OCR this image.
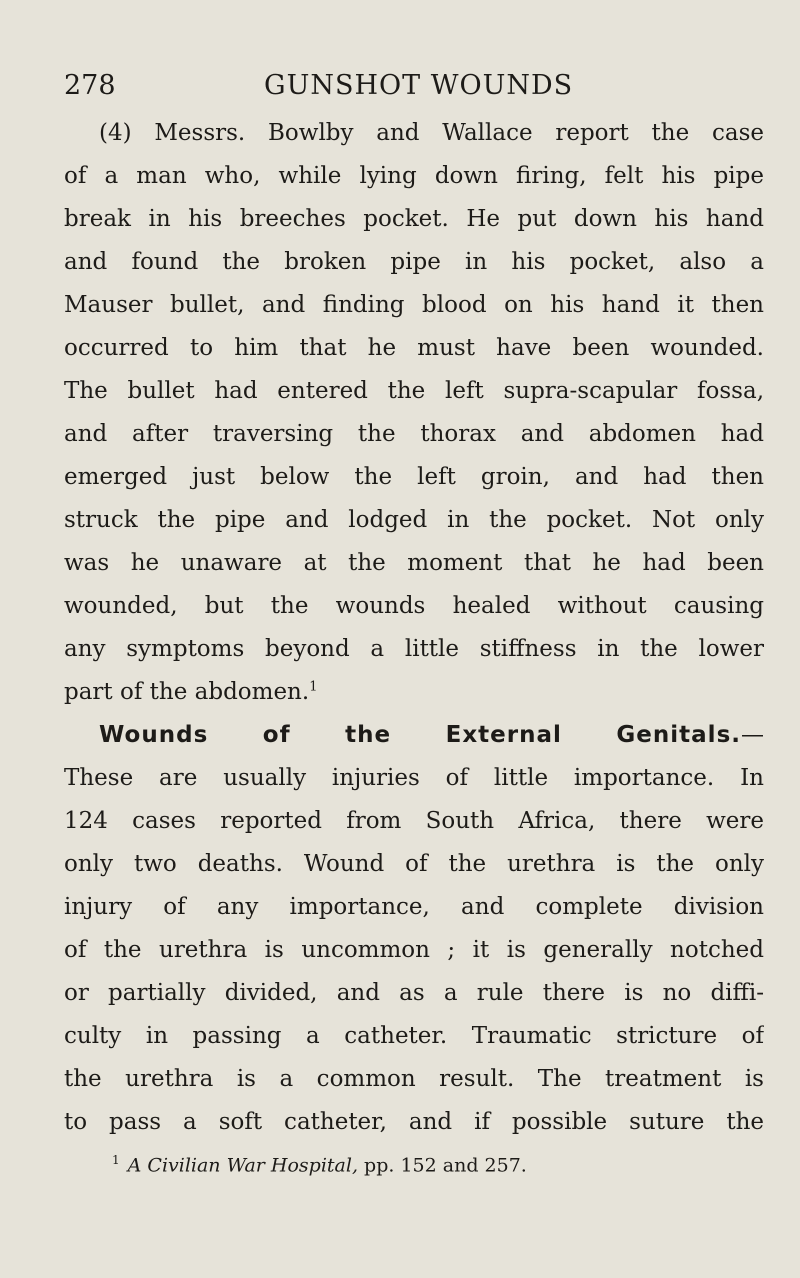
278	GUNSHOT WOUNDS
(4) Messrs. Bowlby and Wallace report the case
of a man who, while lying down firing, felt his pipe
break in his breeches pocket. He put down his hand
and found the broken pipe in his pocket, also a
Mauser bullet, and finding blood on his hand it then
occurred to him that he must have been wounded.
The bullet had entered the left supra-scapular fossa,
and after traversing the thorax and abdomen had
emerged just below the left groin, and had then
struck the pipe and lodged in the pocket. Not only
was he unaware at the moment that he had been
wounded, but the wounds healed without causing
any symptoms beyond a little stiffness in the lower
part of the abdomen.$^1$
Wounds of the External Genitals.—
These are usually injuries of little importance. In
124 cases reported from South Africa, there were
only two deaths. Wound of the urethra is the only
injury of any importance, and complete division
of the urethra is uncommon ; it is generally notched
or partially divided, and as a rule there is no diffi-
culty in passing a catheter. Traumatic stricture of
the urethra is a common result. The treatment is
to pass a soft catheter, and if possible suture the
$^1$ A Civilian War Hospital, pp. 152 and 257.
